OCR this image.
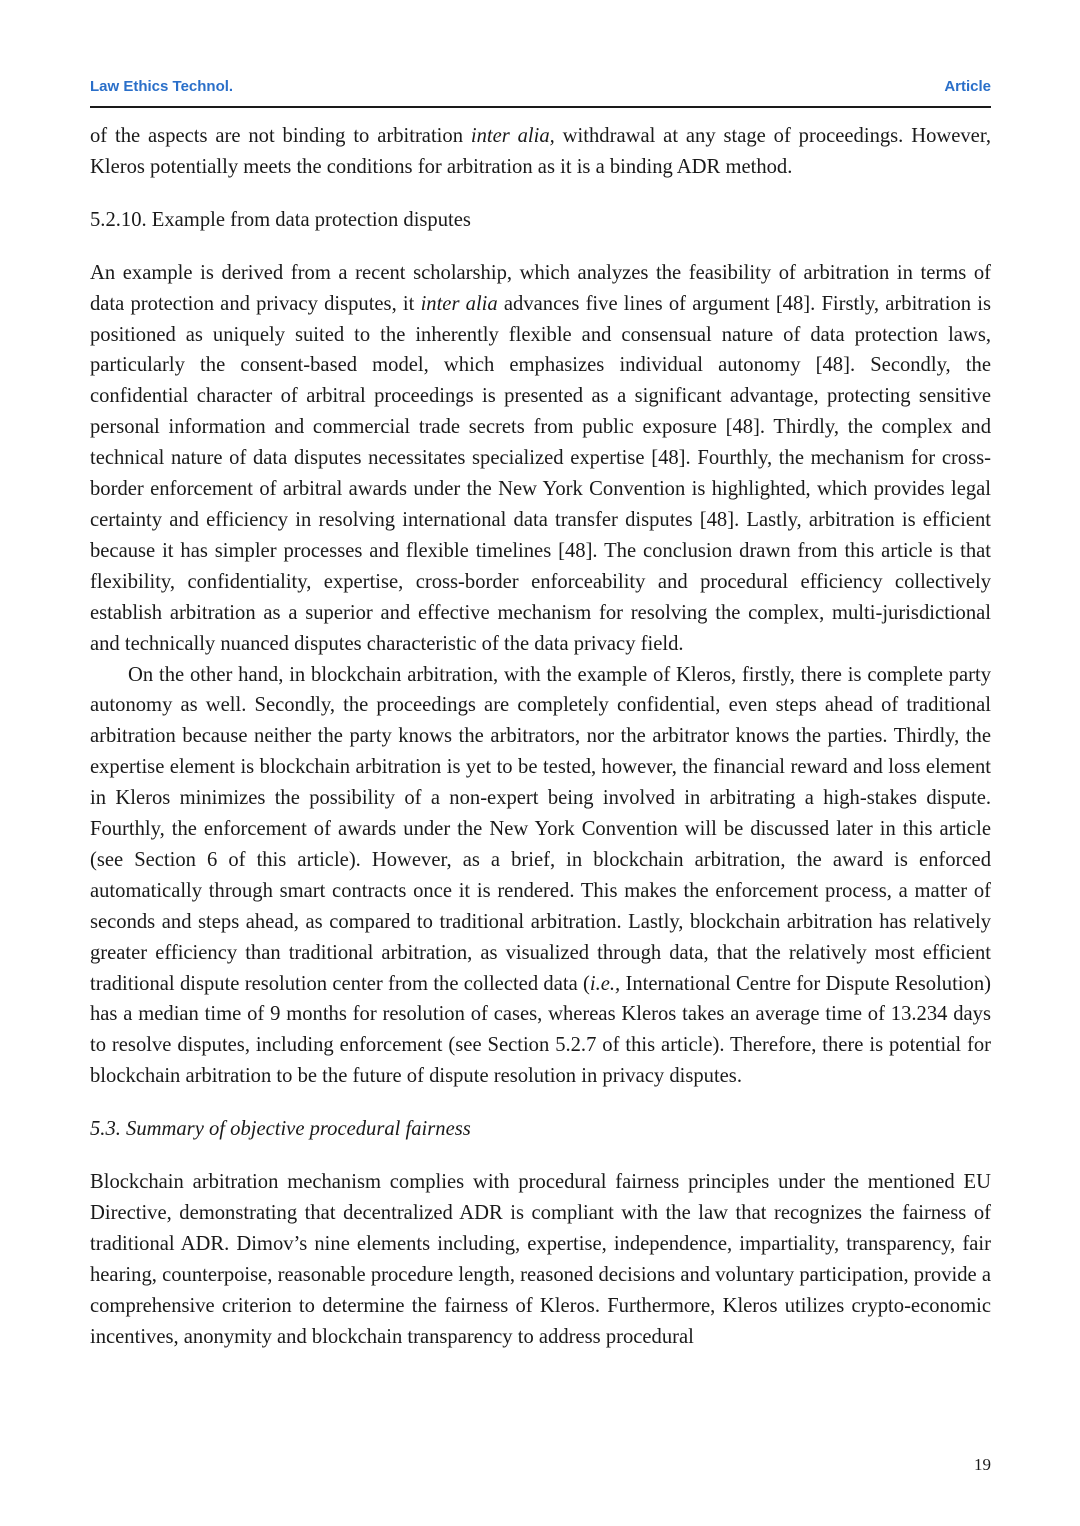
Law Ethics Technol.	Article

of the aspects are not binding to arbitration inter alia, withdrawal at any stage of proceedings. However, Kleros potentially meets the conditions for arbitration as it is a binding ADR method.

5.2.10. Example from data protection disputes

An example is derived from a recent scholarship, which analyzes the feasibility of arbitration in terms of data protection and privacy disputes, it inter alia advances five lines of argument [48]. Firstly, arbitration is positioned as uniquely suited to the inherently flexible and consensual nature of data protection laws, particularly the consent-based model, which emphasizes individual autonomy [48]. Secondly, the confidential character of arbitral proceedings is presented as a significant advantage, protecting sensitive personal information and commercial trade secrets from public exposure [48]. Thirdly, the complex and technical nature of data disputes necessitates specialized expertise [48]. Fourthly, the mechanism for cross-border enforcement of arbitral awards under the New York Convention is highlighted, which provides legal certainty and efficiency in resolving international data transfer disputes [48]. Lastly, arbitration is efficient because it has simpler processes and flexible timelines [48]. The conclusion drawn from this article is that flexibility, confidentiality, expertise, cross-border enforceability and procedural efficiency collectively establish arbitration as a superior and effective mechanism for resolving the complex, multi-jurisdictional and technically nuanced disputes characteristic of the data privacy field.

On the other hand, in blockchain arbitration, with the example of Kleros, firstly, there is complete party autonomy as well. Secondly, the proceedings are completely confidential, even steps ahead of traditional arbitration because neither the party knows the arbitrators, nor the arbitrator knows the parties. Thirdly, the expertise element is blockchain arbitration is yet to be tested, however, the financial reward and loss element in Kleros minimizes the possibility of a non-expert being involved in arbitrating a high-stakes dispute. Fourthly, the enforcement of awards under the New York Convention will be discussed later in this article (see Section 6 of this article). However, as a brief, in blockchain arbitration, the award is enforced automatically through smart contracts once it is rendered. This makes the enforcement process, a matter of seconds and steps ahead, as compared to traditional arbitration. Lastly, blockchain arbitration has relatively greater efficiency than traditional arbitration, as visualized through data, that the relatively most efficient traditional dispute resolution center from the collected data (i.e., International Centre for Dispute Resolution) has a median time of 9 months for resolution of cases, whereas Kleros takes an average time of 13.234 days to resolve disputes, including enforcement (see Section 5.2.7 of this article). Therefore, there is potential for blockchain arbitration to be the future of dispute resolution in privacy disputes.

5.3. Summary of objective procedural fairness

Blockchain arbitration mechanism complies with procedural fairness principles under the mentioned EU Directive, demonstrating that decentralized ADR is compliant with the law that recognizes the fairness of traditional ADR. Dimov’s nine elements including, expertise, independence, impartiality, transparency, fair hearing, counterpoise, reasonable procedure length, reasoned decisions and voluntary participation, provide a comprehensive criterion to determine the fairness of Kleros. Furthermore, Kleros utilizes crypto-economic incentives, anonymity and blockchain transparency to address procedural

19
